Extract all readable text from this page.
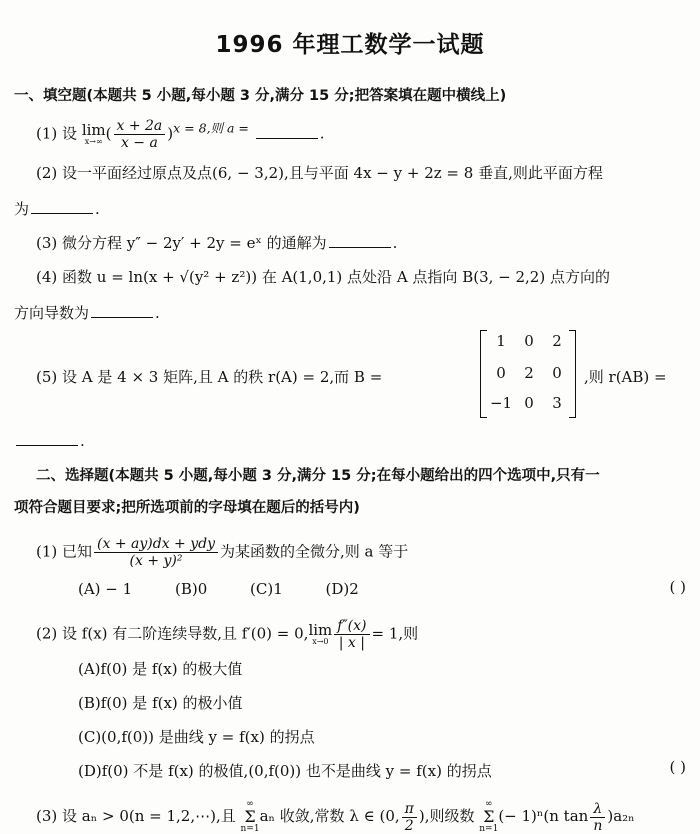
1996 年理工数学一试题
一、填空题(本题共 5 小题,每小题 3 分,满分 15 分;把答案填在题中横线上)
(1) 设 lim
x→∞ ( $\frac{x + 2a}{x - a} )^{x = 8,则 a =}$	.
(2) 设一平面经过原点及点(6, − 3,2),且与平面 4x − y + 2z = 8 垂直,则此平面方程
为	.
(3) 微分方程 y″ − 2y′ + 2y = eˣ 的通解为	.
(4) 函数 u = ln(x + √(y² + z²)) 在 A(1,0,1) 点处沿 A 点指向 B(3, − 2,2) 点方向的
方向导数为	.
(5) 设 A 是 4 × 3 矩阵,且 A 的秩 r(A) = 2,而 B =
1	0	2
0	2	0
−1 0	3
,则 r(AB) =
.
二、选择题(本题共 5 小题,每小题 3 分,满分 15 分;在每小题给出的四个选项中,只有一
项符合题目要求;把所选项前的字母填在题后的括号内)
(1) 已知 $\frac{\text{(x + ay)dx + ydy}}{\text{(x + y)²}}$ 为某函数的全微分,则 a 等于
(A) − 1	(B)0	(C)1	(D)2	( )
(2) 设 f(x) 有二阶连续导数,且 f′(0) = 0,lim
$x\to 0 \frac{f''(x)}{| x |} = 1$,则
(A)f(0) 是 f(x) 的极大值
(B)f(0) 是 f(x) 的极小值
(C)(0,f(0)) 是曲线 y = f(x) 的拐点
(D)f(0) 不是 f(x) 的极值,(0,f(0)) 也不是曲线 y = f(x) 的拐点	( )
(3) 设 aₙ > 0(n = 1,2,⋯),且 ∞
Σ
n=1aₙ 收敛,常数 λ ∈ (0, $\frac{\pi}{2}$ ),则级数 ∞
Σ
n=1(− 1)ⁿ(n $\tan \frac{\lambda}{n} )a_{2n}$
